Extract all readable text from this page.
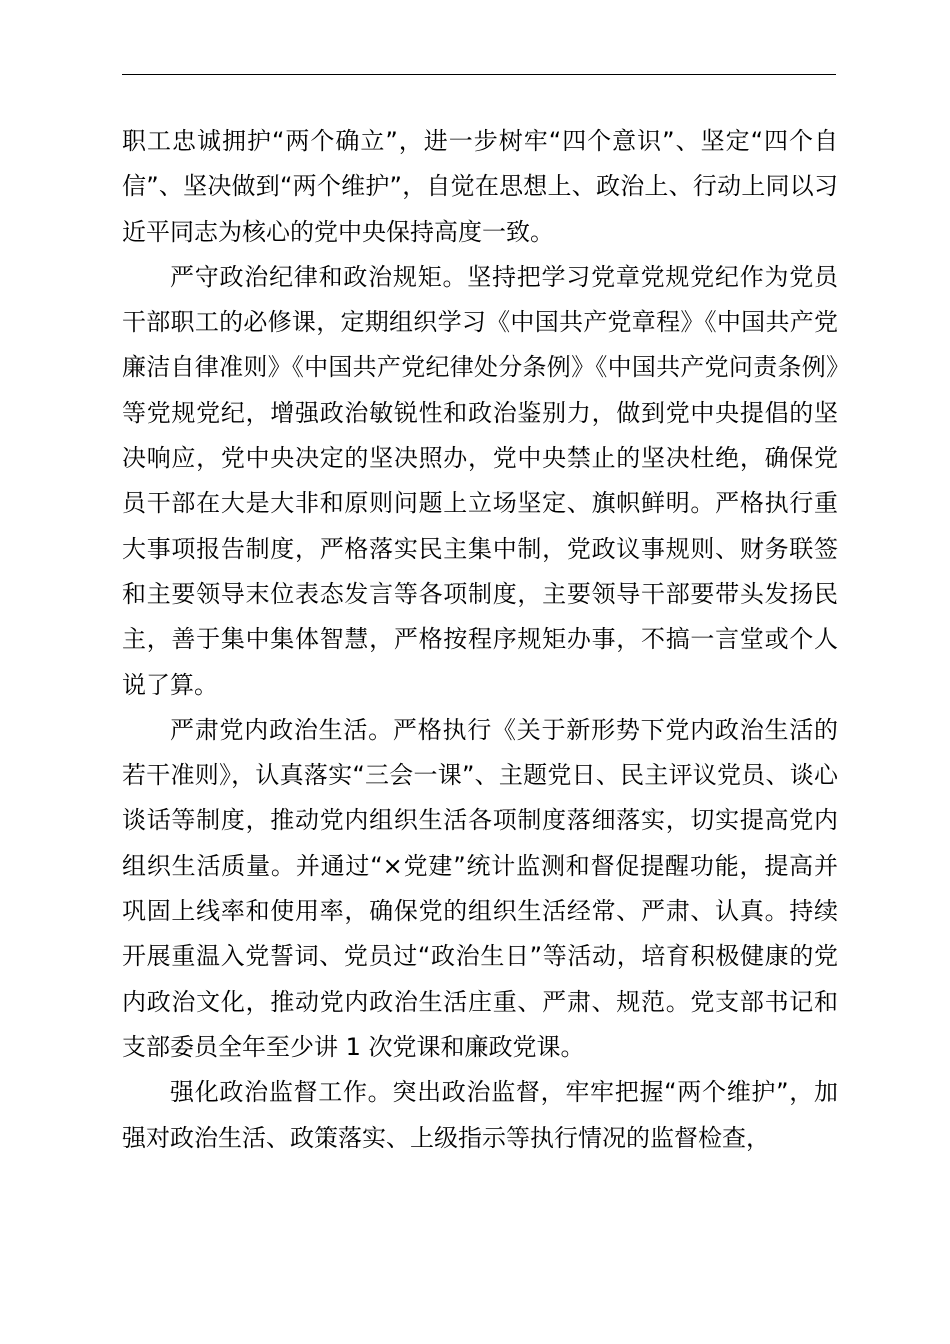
职工忠诚拥护“两个确立”，进一步树牢“四个意识”、坚定“四个自信”、坚决做到“两个维护”，自觉在思想上、政治上、行动上同以习近平同志为核心的党中央保持高度一致。

严守政治纪律和政治规矩。坚持把学习党章党规党纪作为党员干部职工的必修课，定期组织学习《中国共产党章程》《中国共产党廉洁自律准则》《中国共产党纪律处分条例》《中国共产党问责条例》等党规党纪，增强政治敏锐性和政治鉴别力，做到党中央提倡的坚决响应，党中央决定的坚决照办，党中央禁止的坚决杜绝，确保党员干部在大是大非和原则问题上立场坚定、旗帜鲜明。严格执行重大事项报告制度，严格落实民主集中制，党政议事规则、财务联签和主要领导末位表态发言等各项制度，主要领导干部要带头发扬民主，善于集中集体智慧，严格按程序规矩办事，不搞一言堂或个人说了算。

严肃党内政治生活。严格执行《关于新形势下党内政治生活的若干准则》，认真落实“三会一课”、主题党日、民主评议党员、谈心谈话等制度，推动党内组织生活各项制度落细落实，切实提高党内组织生活质量。并通过“×党建”统计监测和督促提醒功能，提高并巩固上线率和使用率，确保党的组织生活经常、严肃、认真。持续开展重温入党誓词、党员过“政治生日”等活动，培育积极健康的党内政治文化，推动党内政治生活庄重、严肃、规范。党支部书记和支部委员全年至少讲 1 次党课和廉政党课。

强化政治监督工作。突出政治监督，牢牢把握“两个维护”，加强对政治生活、政策落实、上级指示等执行情况的监督检查，
